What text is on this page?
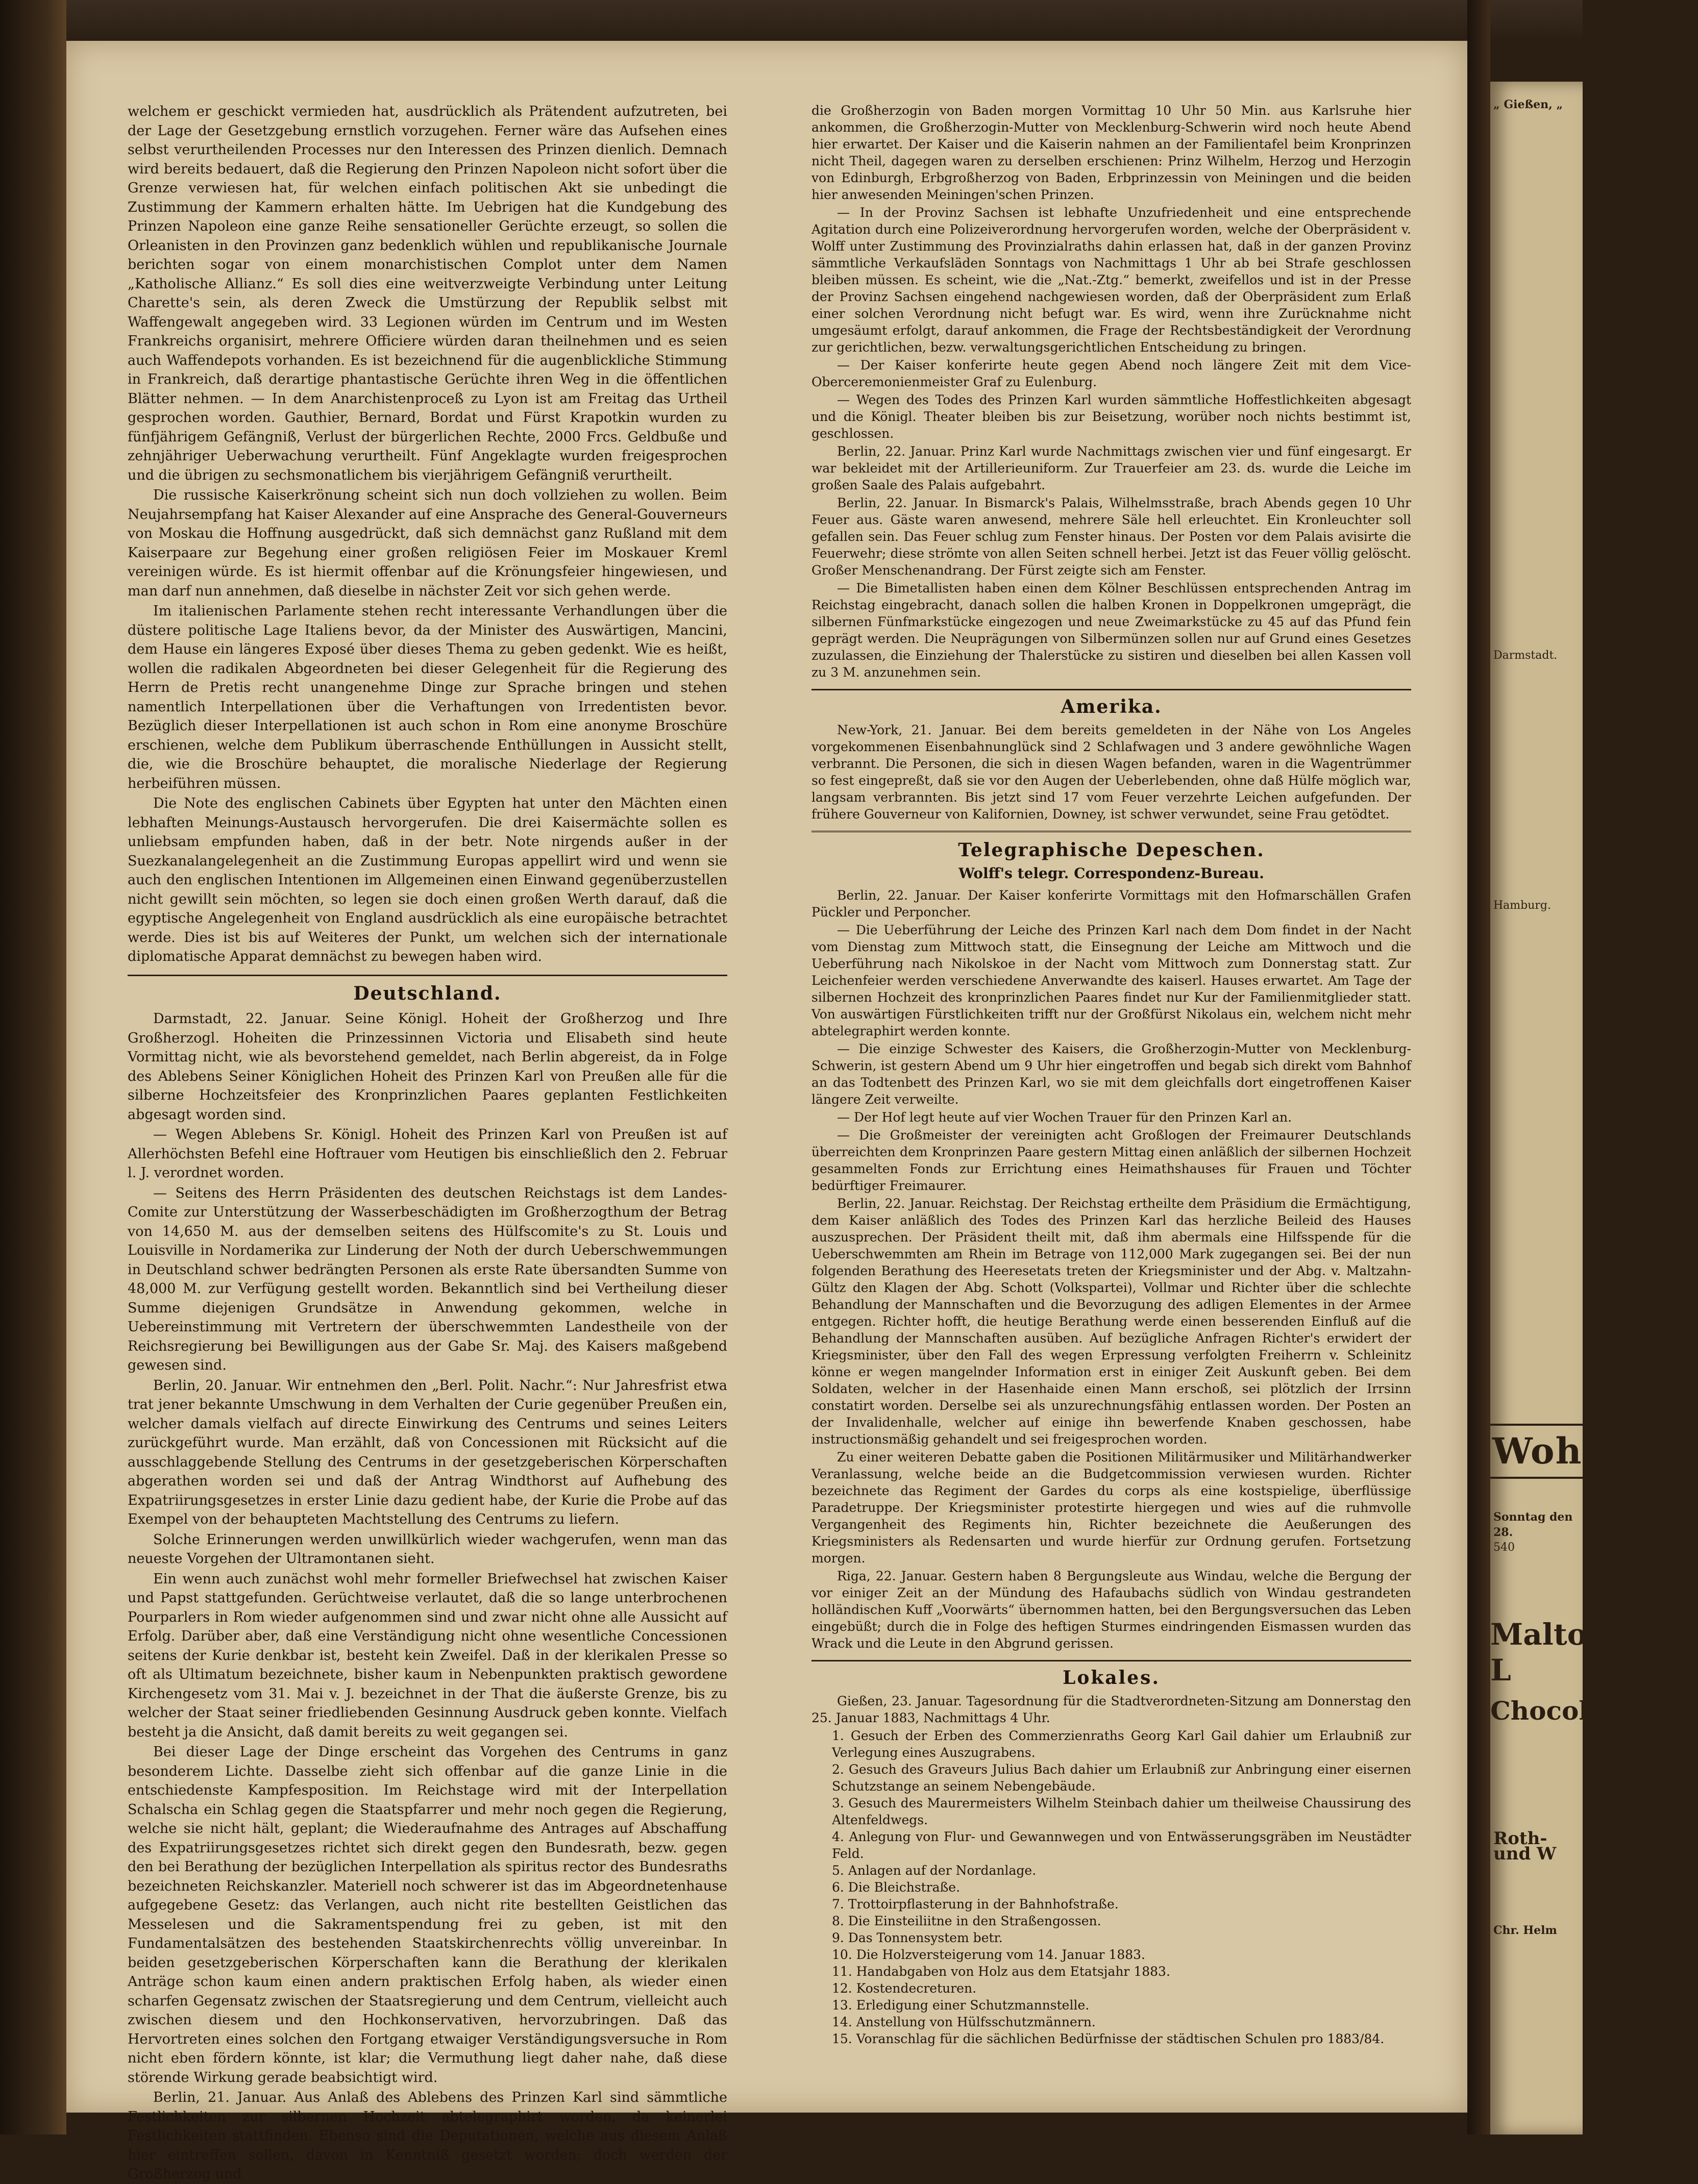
welchem er geschickt vermieden hat, ausdrücklich als Prätendent aufzutreten, bei der Lage der Gesetzgebung ernstlich vorzugehen. Ferner wäre das Aufsehen eines selbst verurtheilenden Processes nur den Interessen des Prinzen dienlich. Demnach wird bereits bedauert, daß die Regierung den Prinzen Napoleon nicht sofort über die Grenze verwiesen hat, für welchen einfach politischen Akt sie unbedingt die Zustimmung der Kammern erhalten hätte. Im Uebrigen hat die Kundgebung des Prinzen Napoleon eine ganze Reihe sensationeller Gerüchte erzeugt, so sollen die Orleanisten in den Provinzen ganz bedenklich wühlen und republikanische Journale berichten sogar von einem monarchistischen Complot unter dem Namen „Katholische Allianz.“ Es soll dies eine weitverzweigte Verbindung unter Leitung Charette's sein, als deren Zweck die Umstürzung der Republik selbst mit Waffengewalt angegeben wird. 33 Legionen würden im Centrum und im Westen Frankreichs organisirt, mehrere Officiere würden daran theilnehmen und es seien auch Waffendepots vorhanden. Es ist bezeichnend für die augenblickliche Stimmung in Frankreich, daß derartige phantastische Gerüchte ihren Weg in die öffentlichen Blätter nehmen. — In dem Anarchistenproceß zu Lyon ist am Freitag das Urtheil gesprochen worden. Gauthier, Bernard, Bordat und Fürst Krapotkin wurden zu fünfjährigem Gefängniß, Verlust der bürgerlichen Rechte, 2000 Frcs. Geldbuße und zehnjähriger Ueberwachung verurtheilt. Fünf Angeklagte wurden freigesprochen und die übrigen zu sechsmonatlichem bis vierjährigem Gefängniß verurtheilt.

Die russische Kaiserkrönung scheint sich nun doch vollziehen zu wollen. Beim Neujahrsempfang hat Kaiser Alexander auf eine Ansprache des General-Gouverneurs von Moskau die Hoffnung ausgedrückt, daß sich demnächst ganz Rußland mit dem Kaiserpaare zur Begehung einer großen religiösen Feier im Moskauer Kreml vereinigen würde. Es ist hiermit offenbar auf die Krönungsfeier hingewiesen, und man darf nun annehmen, daß dieselbe in nächster Zeit vor sich gehen werde.

Im italienischen Parlamente stehen recht interessante Verhandlungen über die düstere politische Lage Italiens bevor, da der Minister des Auswärtigen, Mancini, dem Hause ein längeres Exposé über dieses Thema zu geben gedenkt. Wie es heißt, wollen die radikalen Abgeordneten bei dieser Gelegenheit für die Regierung des Herrn de Pretis recht unangenehme Dinge zur Sprache bringen und stehen namentlich Interpellationen über die Verhaftungen von Irredentisten bevor. Bezüglich dieser Interpellationen ist auch schon in Rom eine anonyme Broschüre erschienen, welche dem Publikum überraschende Enthüllungen in Aussicht stellt, die, wie die Broschüre behauptet, die moralische Niederlage der Regierung herbeiführen müssen.

Die Note des englischen Cabinets über Egypten hat unter den Mächten einen lebhaften Meinungs-Austausch hervorgerufen. Die drei Kaisermächte sollen es unliebsam empfunden haben, daß in der betr. Note nirgends außer in der Suezkanalangelegenheit an die Zustimmung Europas appellirt wird und wenn sie auch den englischen Intentionen im Allgemeinen einen Einwand gegenüberzustellen nicht gewillt sein möchten, so legen sie doch einen großen Werth darauf, daß die egyptische Angelegenheit von England ausdrücklich als eine europäische betrachtet werde. Dies ist bis auf Weiteres der Punkt, um welchen sich der internationale diplomatische Apparat demnächst zu bewegen haben wird.

Deutschland.

Darmstadt, 22. Januar. Seine Königl. Hoheit der Großherzog und Ihre Großherzogl. Hoheiten die Prinzessinnen Victoria und Elisabeth sind heute Vormittag nicht, wie als bevorstehend gemeldet, nach Berlin abgereist, da in Folge des Ablebens Seiner Königlichen Hoheit des Prinzen Karl von Preußen alle für die silberne Hochzeitsfeier des Kronprinzlichen Paares geplanten Festlichkeiten abgesagt worden sind.

— Wegen Ablebens Sr. Königl. Hoheit des Prinzen Karl von Preußen ist auf Allerhöchsten Befehl eine Hoftrauer vom Heutigen bis einschließlich den 2. Februar l. J. verordnet worden.

— Seitens des Herrn Präsidenten des deutschen Reichstags ist dem Landes-Comite zur Unterstützung der Wasserbeschädigten im Großherzogthum der Betrag von 14,650 M. aus der demselben seitens des Hülfscomite's zu St. Louis und Louisville in Nordamerika zur Linderung der Noth der durch Ueberschwemmungen in Deutschland schwer bedrängten Personen als erste Rate übersandten Summe von 48,000 M. zur Verfügung gestellt worden. Bekanntlich sind bei Vertheilung dieser Summe diejenigen Grundsätze in Anwendung gekommen, welche in Uebereinstimmung mit Vertretern der überschwemmten Landestheile von der Reichsregierung bei Bewilligungen aus der Gabe Sr. Maj. des Kaisers maßgebend gewesen sind.

Berlin, 20. Januar. Wir entnehmen den „Berl. Polit. Nachr.“: Nur Jahresfrist etwa trat jener bekannte Umschwung in dem Verhalten der Curie gegenüber Preußen ein, welcher damals vielfach auf directe Einwirkung des Centrums und seines Leiters zurückgeführt wurde. Man erzählt, daß von Concessionen mit Rücksicht auf die ausschlaggebende Stellung des Centrums in der gesetzgeberischen Körperschaften abgerathen worden sei und daß der Antrag Windthorst auf Aufhebung des Expatriirungsgesetzes in erster Linie dazu gedient habe, der Kurie die Probe auf das Exempel von der behaupteten Machtstellung des Centrums zu liefern.

Solche Erinnerungen werden unwillkürlich wieder wachgerufen, wenn man das neueste Vorgehen der Ultramontanen sieht.

Ein wenn auch zunächst wohl mehr formeller Briefwechsel hat zwischen Kaiser und Papst stattgefunden. Gerüchtweise verlautet, daß die so lange unterbrochenen Pourparlers in Rom wieder aufgenommen sind und zwar nicht ohne alle Aussicht auf Erfolg. Darüber aber, daß eine Verständigung nicht ohne wesentliche Concessionen seitens der Kurie denkbar ist, besteht kein Zweifel. Daß in der klerikalen Presse so oft als Ultimatum bezeichnete, bisher kaum in Nebenpunkten praktisch gewordene Kirchengesetz vom 31. Mai v. J. bezeichnet in der That die äußerste Grenze, bis zu welcher der Staat seiner friedliebenden Gesinnung Ausdruck geben konnte. Vielfach besteht ja die Ansicht, daß damit bereits zu weit gegangen sei.

Bei dieser Lage der Dinge erscheint das Vorgehen des Centrums in ganz besonderem Lichte. Dasselbe zieht sich offenbar auf die ganze Linie in die entschiedenste Kampfesposition. Im Reichstage wird mit der Interpellation Schalscha ein Schlag gegen die Staatspfarrer und mehr noch gegen die Regierung, welche sie nicht hält, geplant; die Wiederaufnahme des Antrages auf Abschaffung des Expatriirungsgesetzes richtet sich direkt gegen den Bundesrath, bezw. gegen den bei Berathung der bezüglichen Interpellation als spiritus rector des Bundesraths bezeichneten Reichskanzler. Materiell noch schwerer ist das im Abgeordnetenhause aufgegebene Gesetz: das Verlangen, auch nicht rite bestellten Geistlichen das Messelesen und die Sakramentspendung frei zu geben, ist mit den Fundamentalsätzen des bestehenden Staatskirchenrechts völlig unvereinbar. In beiden gesetzgeberischen Körperschaften kann die Berathung der klerikalen Anträge schon kaum einen andern praktischen Erfolg haben, als wieder einen scharfen Gegensatz zwischen der Staatsregierung und dem Centrum, vielleicht auch zwischen diesem und den Hochkonservativen, hervorzubringen. Daß das Hervortreten eines solchen den Fortgang etwaiger Verständigungsversuche in Rom nicht eben fördern könnte, ist klar; die Vermuthung liegt daher nahe, daß diese störende Wirkung gerade beabsichtigt wird.

Berlin, 21. Januar. Aus Anlaß des Ablebens des Prinzen Karl sind sämmtliche Festlichkeiten zur silbernen Hochzeit abtelegraphirt worden, da keinerlei Festlichkeiten stattfinden. Ebenso sind die Deputationen, welche aus diesem Anlaß hier eintreffen sollen, davon in Kenntniß gesetzt worden; doch werden der Großherzog und

die Großherzogin von Baden morgen Vormittag 10 Uhr 50 Min. aus Karlsruhe hier ankommen, die Großherzogin-Mutter von Mecklenburg-Schwerin wird noch heute Abend hier erwartet. Der Kaiser und die Kaiserin nahmen an der Familientafel beim Kronprinzen nicht Theil, dagegen waren zu derselben erschienen: Prinz Wilhelm, Herzog und Herzogin von Edinburgh, Erbgroßherzog von Baden, Erbprinzessin von Meiningen und die beiden hier anwesenden Meiningen'schen Prinzen.

— In der Provinz Sachsen ist lebhafte Unzufriedenheit und eine entsprechende Agitation durch eine Polizeiverordnung hervorgerufen worden, welche der Oberpräsident v. Wolff unter Zustimmung des Provinzialraths dahin erlassen hat, daß in der ganzen Provinz sämmtliche Verkaufsläden Sonntags von Nachmittags 1 Uhr ab bei Strafe geschlossen bleiben müssen. Es scheint, wie die „Nat.-Ztg.“ bemerkt, zweifellos und ist in der Presse der Provinz Sachsen eingehend nachgewiesen worden, daß der Oberpräsident zum Erlaß einer solchen Verordnung nicht befugt war. Es wird, wenn ihre Zurücknahme nicht umgesäumt erfolgt, darauf ankommen, die Frage der Rechtsbeständigkeit der Verordnung zur gerichtlichen, bezw. verwaltungsgerichtlichen Entscheidung zu bringen.

— Der Kaiser konferirte heute gegen Abend noch längere Zeit mit dem Vice-Oberceremonienmeister Graf zu Eulenburg.

— Wegen des Todes des Prinzen Karl wurden sämmtliche Hoffestlichkeiten abgesagt und die Königl. Theater bleiben bis zur Beisetzung, worüber noch nichts bestimmt ist, geschlossen.

Berlin, 22. Januar. Prinz Karl wurde Nachmittags zwischen vier und fünf eingesargt. Er war bekleidet mit der Artillerieuniform. Zur Trauerfeier am 23. ds. wurde die Leiche im großen Saale des Palais aufgebahrt.

Berlin, 22. Januar. In Bismarck's Palais, Wilhelmsstraße, brach Abends gegen 10 Uhr Feuer aus. Gäste waren anwesend, mehrere Säle hell erleuchtet. Ein Kronleuchter soll gefallen sein. Das Feuer schlug zum Fenster hinaus. Der Posten vor dem Palais avisirte die Feuerwehr; diese strömte von allen Seiten schnell herbei. Jetzt ist das Feuer völlig gelöscht. Großer Menschenandrang. Der Fürst zeigte sich am Fenster.

— Die Bimetallisten haben einen dem Kölner Beschlüssen entsprechenden Antrag im Reichstag eingebracht, danach sollen die halben Kronen in Doppelkronen umgeprägt, die silbernen Fünfmarkstücke eingezogen und neue Zweimarkstücke zu 45 auf das Pfund fein geprägt werden. Die Neuprägungen von Silbermünzen sollen nur auf Grund eines Gesetzes zuzulassen, die Einziehung der Thalerstücke zu sistiren und dieselben bei allen Kassen voll zu 3 M. anzunehmen sein.

Amerika.

New-York, 21. Januar. Bei dem bereits gemeldeten in der Nähe von Los Angeles vorgekommenen Eisenbahnunglück sind 2 Schlafwagen und 3 andere gewöhnliche Wagen verbrannt. Die Personen, die sich in diesen Wagen befanden, waren in die Wagentrümmer so fest eingepreßt, daß sie vor den Augen der Ueberlebenden, ohne daß Hülfe möglich war, langsam verbrannten. Bis jetzt sind 17 vom Feuer verzehrte Leichen aufgefunden. Der frühere Gouverneur von Kalifornien, Downey, ist schwer verwundet, seine Frau getödtet.

Telegraphische Depeschen.
Wolff's telegr. Correspondenz-Bureau.

Berlin, 22. Januar. Der Kaiser konferirte Vormittags mit den Hofmarschällen Grafen Pückler und Perponcher.

— Die Ueberführung der Leiche des Prinzen Karl nach dem Dom findet in der Nacht vom Dienstag zum Mittwoch statt, die Einsegnung der Leiche am Mittwoch und die Ueberführung nach Nikolskoe in der Nacht vom Mittwoch zum Donnerstag statt. Zur Leichenfeier werden verschiedene Anverwandte des kaiserl. Hauses erwartet. Am Tage der silbernen Hochzeit des kronprinzlichen Paares findet nur Kur der Familienmitglieder statt. Von auswärtigen Fürstlichkeiten trifft nur der Großfürst Nikolaus ein, welchem nicht mehr abtelegraphirt werden konnte.

— Die einzige Schwester des Kaisers, die Großherzogin-Mutter von Mecklenburg-Schwerin, ist gestern Abend um 9 Uhr hier eingetroffen und begab sich direkt vom Bahnhof an das Todtenbett des Prinzen Karl, wo sie mit dem gleichfalls dort eingetroffenen Kaiser längere Zeit verweilte.

— Der Hof legt heute auf vier Wochen Trauer für den Prinzen Karl an.

— Die Großmeister der vereinigten acht Großlogen der Freimaurer Deutschlands überreichten dem Kronprinzen Paare gestern Mittag einen anläßlich der silbernen Hochzeit gesammelten Fonds zur Errichtung eines Heimathshauses für Frauen und Töchter bedürftiger Freimaurer.

Berlin, 22. Januar. Reichstag. Der Reichstag ertheilte dem Präsidium die Ermächtigung, dem Kaiser anläßlich des Todes des Prinzen Karl das herzliche Beileid des Hauses auszusprechen. Der Präsident theilt mit, daß ihm abermals eine Hilfsspende für die Ueberschwemmten am Rhein im Betrage von 112,000 Mark zugegangen sei. Bei der nun folgenden Berathung des Heeresetats treten der Kriegsminister und der Abg. v. Maltzahn-Gültz den Klagen der Abg. Schott (Volkspartei), Vollmar und Richter über die schlechte Behandlung der Mannschaften und die Bevorzugung des adligen Elementes in der Armee entgegen. Richter hofft, die heutige Berathung werde einen besserenden Einfluß auf die Behandlung der Mannschaften ausüben. Auf bezügliche Anfragen Richter's erwidert der Kriegsminister, über den Fall des wegen Erpressung verfolgten Freiherrn v. Schleinitz könne er wegen mangelnder Information erst in einiger Zeit Auskunft geben. Bei dem Soldaten, welcher in der Hasenhaide einen Mann erschoß, sei plötzlich der Irrsinn constatirt worden. Derselbe sei als unzurechnungsfähig entlassen worden. Der Posten an der Invalidenhalle, welcher auf einige ihn bewerfende Knaben geschossen, habe instructionsmäßig gehandelt und sei freigesprochen worden.

Zu einer weiteren Debatte gaben die Positionen Militärmusiker und Militärhandwerker Veranlassung, welche beide an die Budgetcommission verwiesen wurden. Richter bezeichnete das Regiment der Gardes du corps als eine kostspielige, überflüssige Paradetruppe. Der Kriegsminister protestirte hiergegen und wies auf die ruhmvolle Vergangenheit des Regiments hin, Richter bezeichnete die Aeußerungen des Kriegsministers als Redensarten und wurde hierfür zur Ordnung gerufen. Fortsetzung morgen.

Riga, 22. Januar. Gestern haben 8 Bergungsleute aus Windau, welche die Bergung der vor einiger Zeit an der Mündung des Hafaubachs südlich von Windau gestrandeten holländischen Kuff „Voorwärts“ übernommen hatten, bei den Bergungsversuchen das Leben eingebüßt; durch die in Folge des heftigen Sturmes eindringenden Eismassen wurden das Wrack und die Leute in den Abgrund gerissen.

Lokales.

Gießen, 23. Januar. Tagesordnung für die Stadtverordneten-Sitzung am Donnerstag den 25. Januar 1883, Nachmittags 4 Uhr.

1. Gesuch der Erben des Commerzienraths Georg Karl Gail dahier um Erlaubniß zur Verlegung eines Auszugrabens.

2. Gesuch des Graveurs Julius Bach dahier um Erlaubniß zur Anbringung einer eisernen Schutzstange an seinem Nebengebäude.

3. Gesuch des Maurermeisters Wilhelm Steinbach dahier um theilweise Chaussirung des Altenfeldwegs.

4. Anlegung von Flur- und Gewannwegen und von Entwässerungsgräben im Neustädter Feld.

5. Anlagen auf der Nordanlage.

6. Die Bleichstraße.

7. Trottoirpflasterung in der Bahnhofstraße.

8. Die Einsteiliitne in den Straßengossen.

9. Das Tonnensystem betr.

10. Die Holzversteigerung vom 14. Januar 1883.

11. Handabgaben von Holz aus dem Etatsjahr 1883.

12. Kostendecreturen.

13. Erledigung einer Schutzmannstelle.

14. Anstellung von Hülfsschutzmännern.

15. Voranschlag für die sächlichen Bedürfnisse der städtischen Schulen pro 1883/84.

„ Gießen, „

Darmstadt.

Hamburg.

Wohlthäti

Sonntag den 28.

540

Malto-L
Chocola

Roth- und W

Chr. Helm
